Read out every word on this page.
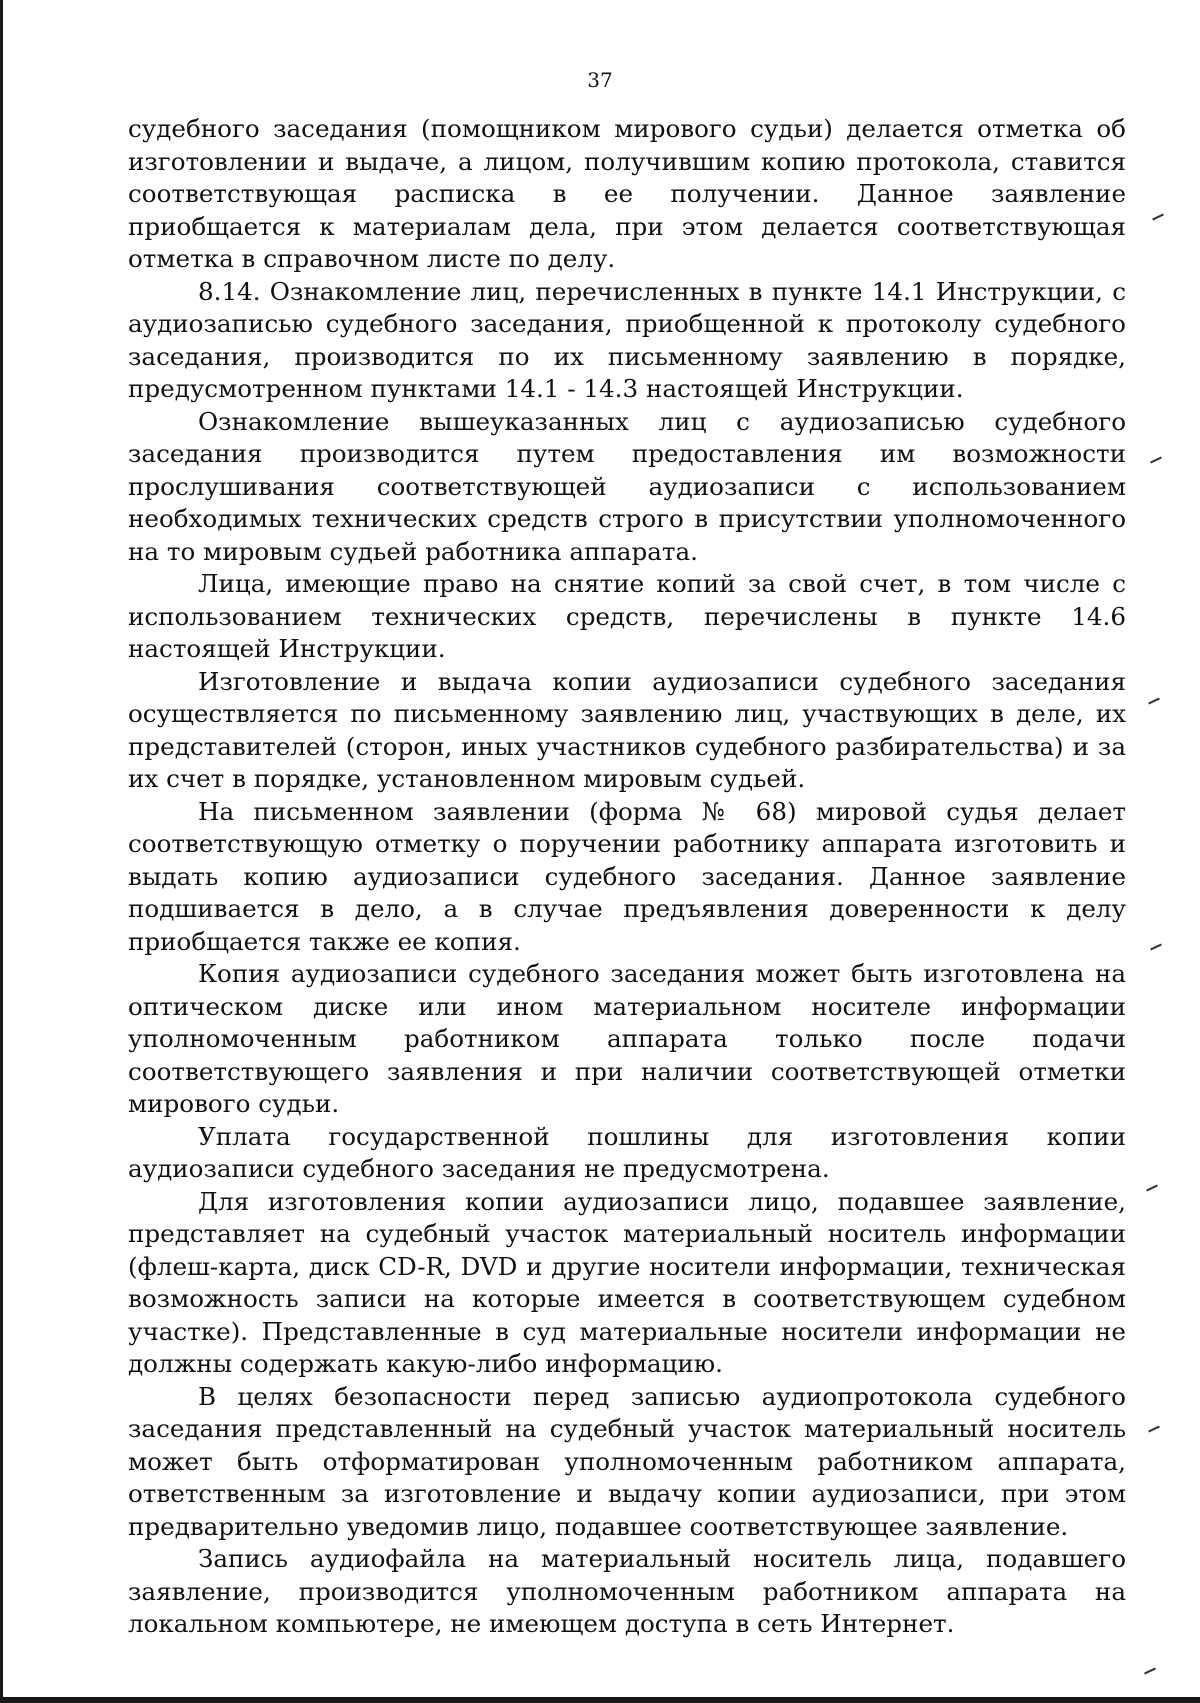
37

судебного заседания (помощником мирового судьи) делается отметка об изготовлении и выдаче, а лицом, получившим копию протокола, ставится соответствующая расписка в ее получении. Данное заявление приобщается к материалам дела, при этом делается соответствующая отметка в справочном листе по делу.

8.14. Ознакомление лиц, перечисленных в пункте 14.1 Инструкции, с аудиозаписью судебного заседания, приобщенной к протоколу судебного заседания, производится по их письменному заявлению в порядке, предусмотренном пунктами 14.1 - 14.3 настоящей Инструкции.

Ознакомление вышеуказанных лиц с аудиозаписью судебного заседания производится путем предоставления им возможности прослушивания соответствующей аудиозаписи с использованием необходимых технических средств строго в присутствии уполномоченного на то мировым судьей работника аппарата.

Лица, имеющие право на снятие копий за свой счет, в том числе с использованием технических средств, перечислены в пункте 14.6 настоящей Инструкции.

Изготовление и выдача копии аудиозаписи судебного заседания осуществляется по письменному заявлению лиц, участвующих в деле, их представителей (сторон, иных участников судебного разбирательства) и за их счет в порядке, установленном мировым судьей.

На письменном заявлении (форма № 68) мировой судья делает соответствующую отметку о поручении работнику аппарата изготовить и выдать копию аудиозаписи судебного заседания. Данное заявление подшивается в дело, а в случае предъявления доверенности к делу приобщается также ее копия.

Копия аудиозаписи судебного заседания может быть изготовлена на оптическом диске или ином материальном носителе информации уполномоченным работником аппарата только после подачи соответствующего заявления и при наличии соответствующей отметки мирового судьи.

Уплата государственной пошлины для изготовления копии аудиозаписи судебного заседания не предусмотрена.

Для изготовления копии аудиозаписи лицо, подавшее заявление, представляет на судебный участок материальный носитель информации (флеш-карта, диск CD-R, DVD и другие носители информации, техническая возможность записи на которые имеется в соответствующем судебном участке). Представленные в суд материальные носители информации не должны содержать какую-либо информацию.

В целях безопасности перед записью аудиопротокола судебного заседания представленный на судебный участок материальный носитель может быть отформатирован уполномоченным работником аппарата, ответственным за изготовление и выдачу копии аудиозаписи, при этом предварительно уведомив лицо, подавшее соответствующее заявление.

Запись аудиофайла на материальный носитель лица, подавшего заявление, производится уполномоченным работником аппарата на локальном компьютере, не имеющем доступа в сеть Интернет.
